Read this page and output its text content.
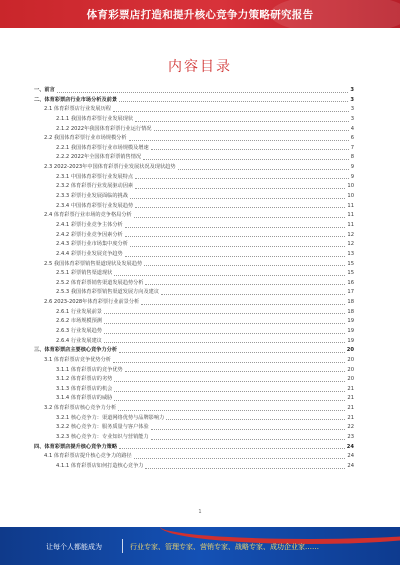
体育彩票店打造和提升核心竞争力策略研究报告
内容目录
一、前言	3
二、体育彩票店行业市场分析及前景	3
2.1 体育彩票店行业发展历程	3
2.1.1 我国体育彩票行业发展现状	3
2.1.2 2022年我国体育彩票行业运行情况	4
2.2 我国体育彩票行业市场规模分析	6
2.2.1 我国体育彩票行业市场规模及增速	7
2.2.2 2022年全国体育彩票销售情况	8
2.3 2022-2023年中国体育彩票行业发展状况及现状趋势	9
2.3.1 中国体育彩票行业发展特点	9
2.3.2 体育彩票行业发展驱动因素	10
2.3.3 彩票行业发展面临的挑战	10
2.3.4 中国体育彩票行业发展趋势	11
2.4 体育彩票行业市场的竞争格局分析	11
2.4.1 彩票行业竞争主体分析	11
2.4.2 彩票行业竞争因素分析	12
2.4.3 彩票行业市场集中度分析	12
2.4.4 彩票行业发展竞争趋势	13
2.5 我国体育彩票销售渠道现状及发展趋势	15
2.5.1 彩票销售渠道现状	15
2.5.2 体育彩票销售渠道发展趋势分析	16
2.5.3 我国体育彩票销售渠道发展方向及建议	17
2.6 2023-2028年体育彩票行业前景分析	18
2.6.1 行业发展前景	18
2.6.2 市场规模预测	19
2.6.3 行业发展趋势	19
2.6.4 行业发展建议	19
三、体育彩票店主要核心竞争力分析	20
3.1 体育彩票店竞争优势分析	20
3.1.1 体育彩票店的竞争优势	20
3.1.2 体育彩票店的劣势	20
3.1.3 体育彩票店的机会	21
3.1.4 体育彩票店的威胁	21
3.2 体育彩票店核心竞争力分析	21
3.2.1 核心竞争力：渠道网络优势与品牌影响力	21
3.2.2 核心竞争力：服务质量与客户体验	22
3.2.3 核心竞争力：专业知识与营销能力	23
四、体育彩票店提升核心竞争力策略	24
4.1 体育彩票店提升核心竞争力的路径	24
4.1.1 体育彩票店如何打造核心竞争力	24
1
让每个人都能成为	行业专家、管理专家、营销专家、战略专家、成功企业家……
